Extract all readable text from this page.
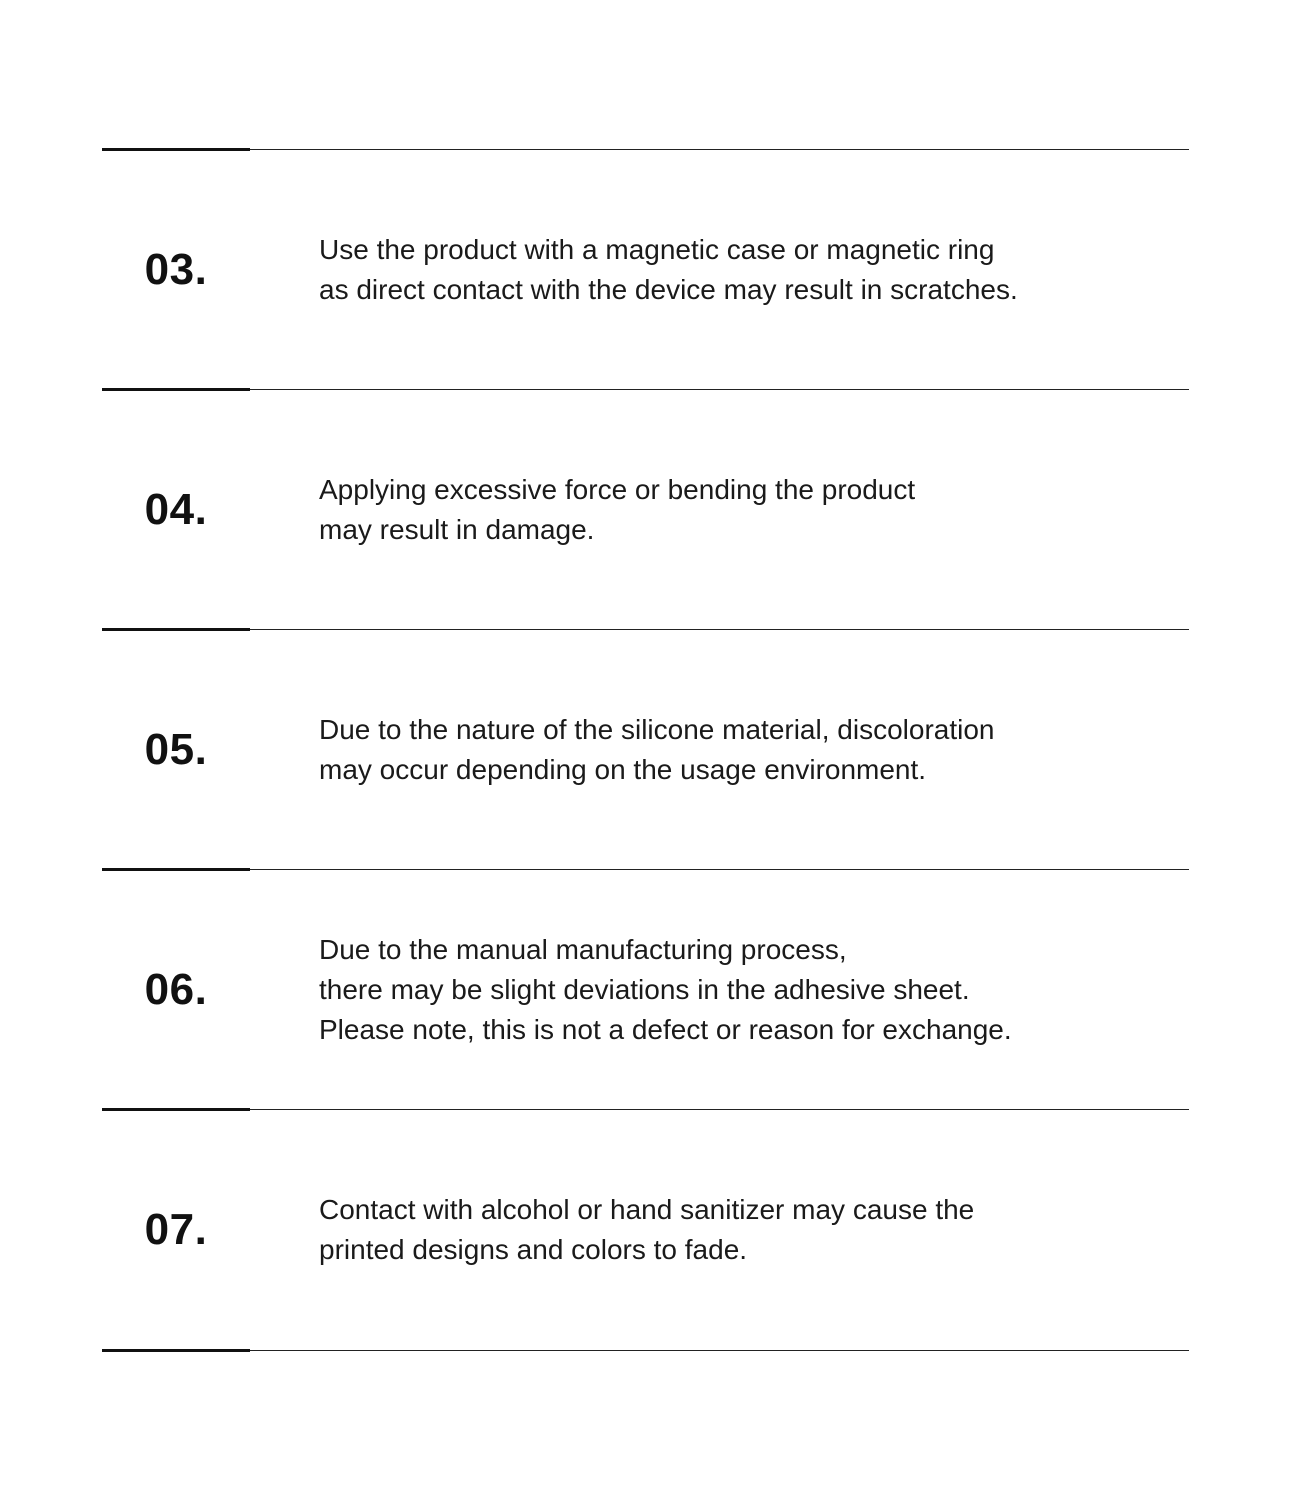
03.	Use the product with a magnetic case or magnetic ring
as direct contact with the device may result in scratches.
04.	Applying excessive force or bending the product
may result in damage.
05.	Due to the nature of the silicone material, discoloration
may occur depending on the usage environment.
06.
Due to the manual manufacturing process,
there may be slight deviations in the adhesive sheet.
Please note, this is not a defect or reason for exchange.
07.	Contact with alcohol or hand sanitizer may cause the
printed designs and colors to fade.
